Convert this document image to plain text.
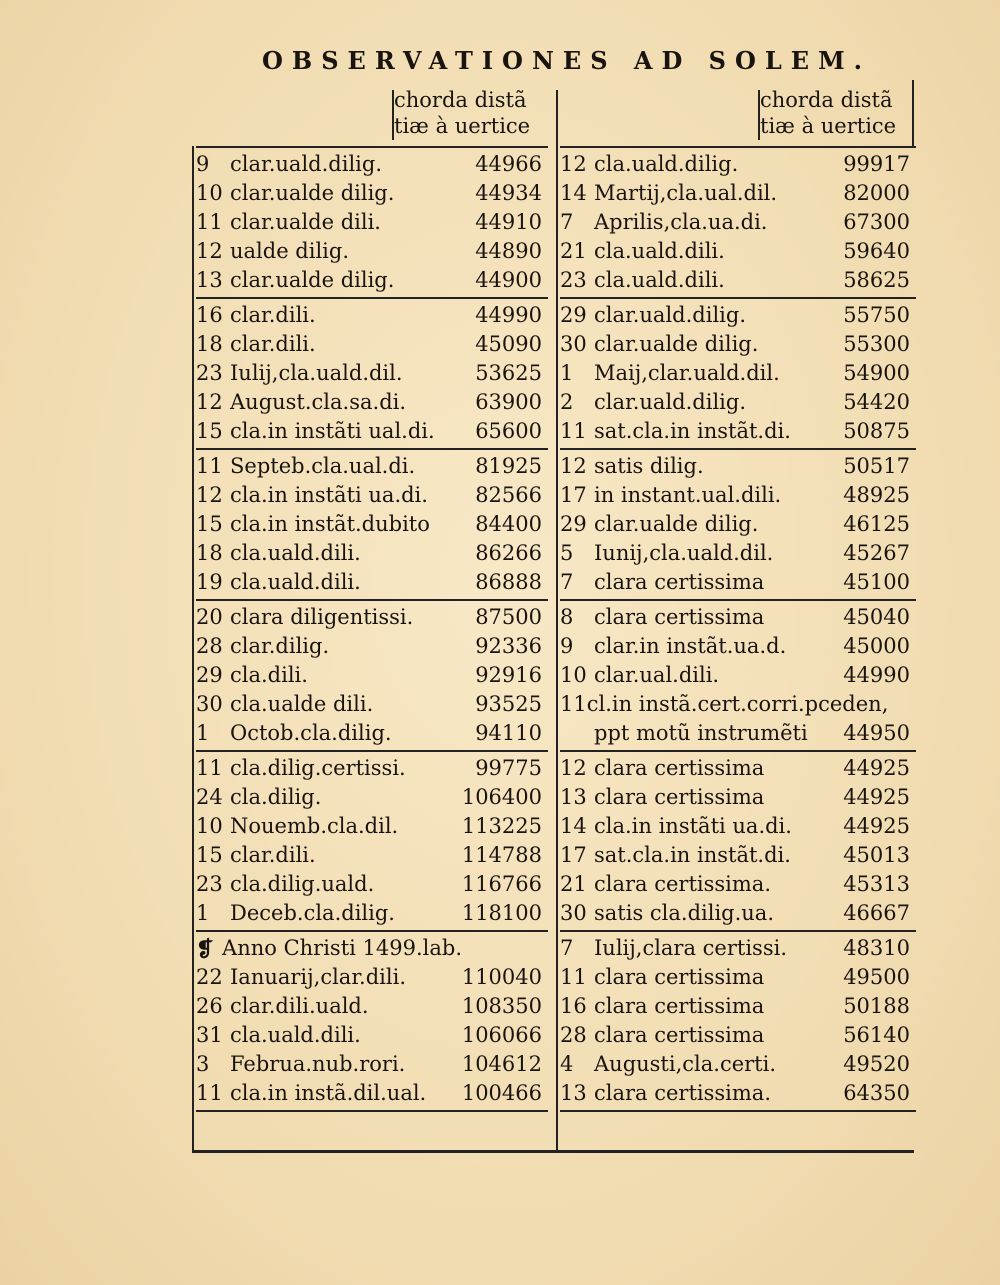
OBSERVATIONES AD SOLEM.
chorda distã
tiæ à uertice
9 clar.uald.dilig.	44966
10 clar.ualde dilig.	44934
11 clar.ualde dili.	44910
12 ualde dilig.	44890
13 clar.ualde dilig.	44900
16 clar.dili.	44990
18 clar.dili.	45090
23 Iulij,cla.uald.dil.	53625
12 August.cla.sa.di.	63900
15 cla.in instãti ual.di.	65600
11 Septeb.cla.ual.di.	81925
12 cla.in instãti ua.di.	82566
15 cla.in instãt.dubito	84400
18 cla.uald.dili.	86266
19 cla.uald.dili.	86888
20 clara diligentissi.	87500
28 clar.dilig.	92336
29 cla.dili.	92916
30 cla.ualde dili.	93525
1 Octob.cla.dilig.	94110
11 cla.dilig.certissi.	99775
24 cla.dilig.	106400
10 Nouemb.cla.dil.	113225
15 clar.dili.	114788
23 cla.dilig.uald.	116766
1 Deceb.cla.dilig.	118100
❡ Anno Christi 1499.lab.
22 Ianuarij,clar.dili.	110040
26 clar.dili.uald.	108350
31 cla.uald.dili.	106066
3 Februa.nub.rori.	104612
11 cla.in instã.dil.ual.	100466
chorda distã
tiæ à uertice
12 cla.uald.dilig.	99917
14 Martij,cla.ual.dil.	82000
7 Aprilis,cla.ua.di.	67300
21 cla.uald.dili.	59640
23 cla.uald.dili.	58625
29 clar.uald.dilig.	55750
30 clar.ualde dilig.	55300
1 Maij,clar.uald.dil.	54900
2 clar.uald.dilig.	54420
11 sat.cla.in instãt.di.	50875
12 satis dilig.	50517
17 in instant.ual.dili.	48925
29 clar.ualde dilig.	46125
5 Iunij,cla.uald.dil.	45267
7 clara certissima	45100
8 clara certissima	45040
9 clar.in instãt.ua.d.	45000
10 clar.ual.dili.	44990
11 cl.in instã.cert.corri.pceden,
ppt motũ instrumẽti	44950
12 clara certissima	44925
13 clara certissima	44925
14 cla.in instãti ua.di.	44925
17 sat.cla.in instãt.di.	45013
21 clara certissima.	45313
30 satis cla.dilig.ua.	46667
7 Iulij,clara certissi.	48310
11 clara certissima	49500
16 clara certissima	50188
28 clara certissima	56140
4 Augusti,cla.certi.	49520
13 clara certissima.	64350
